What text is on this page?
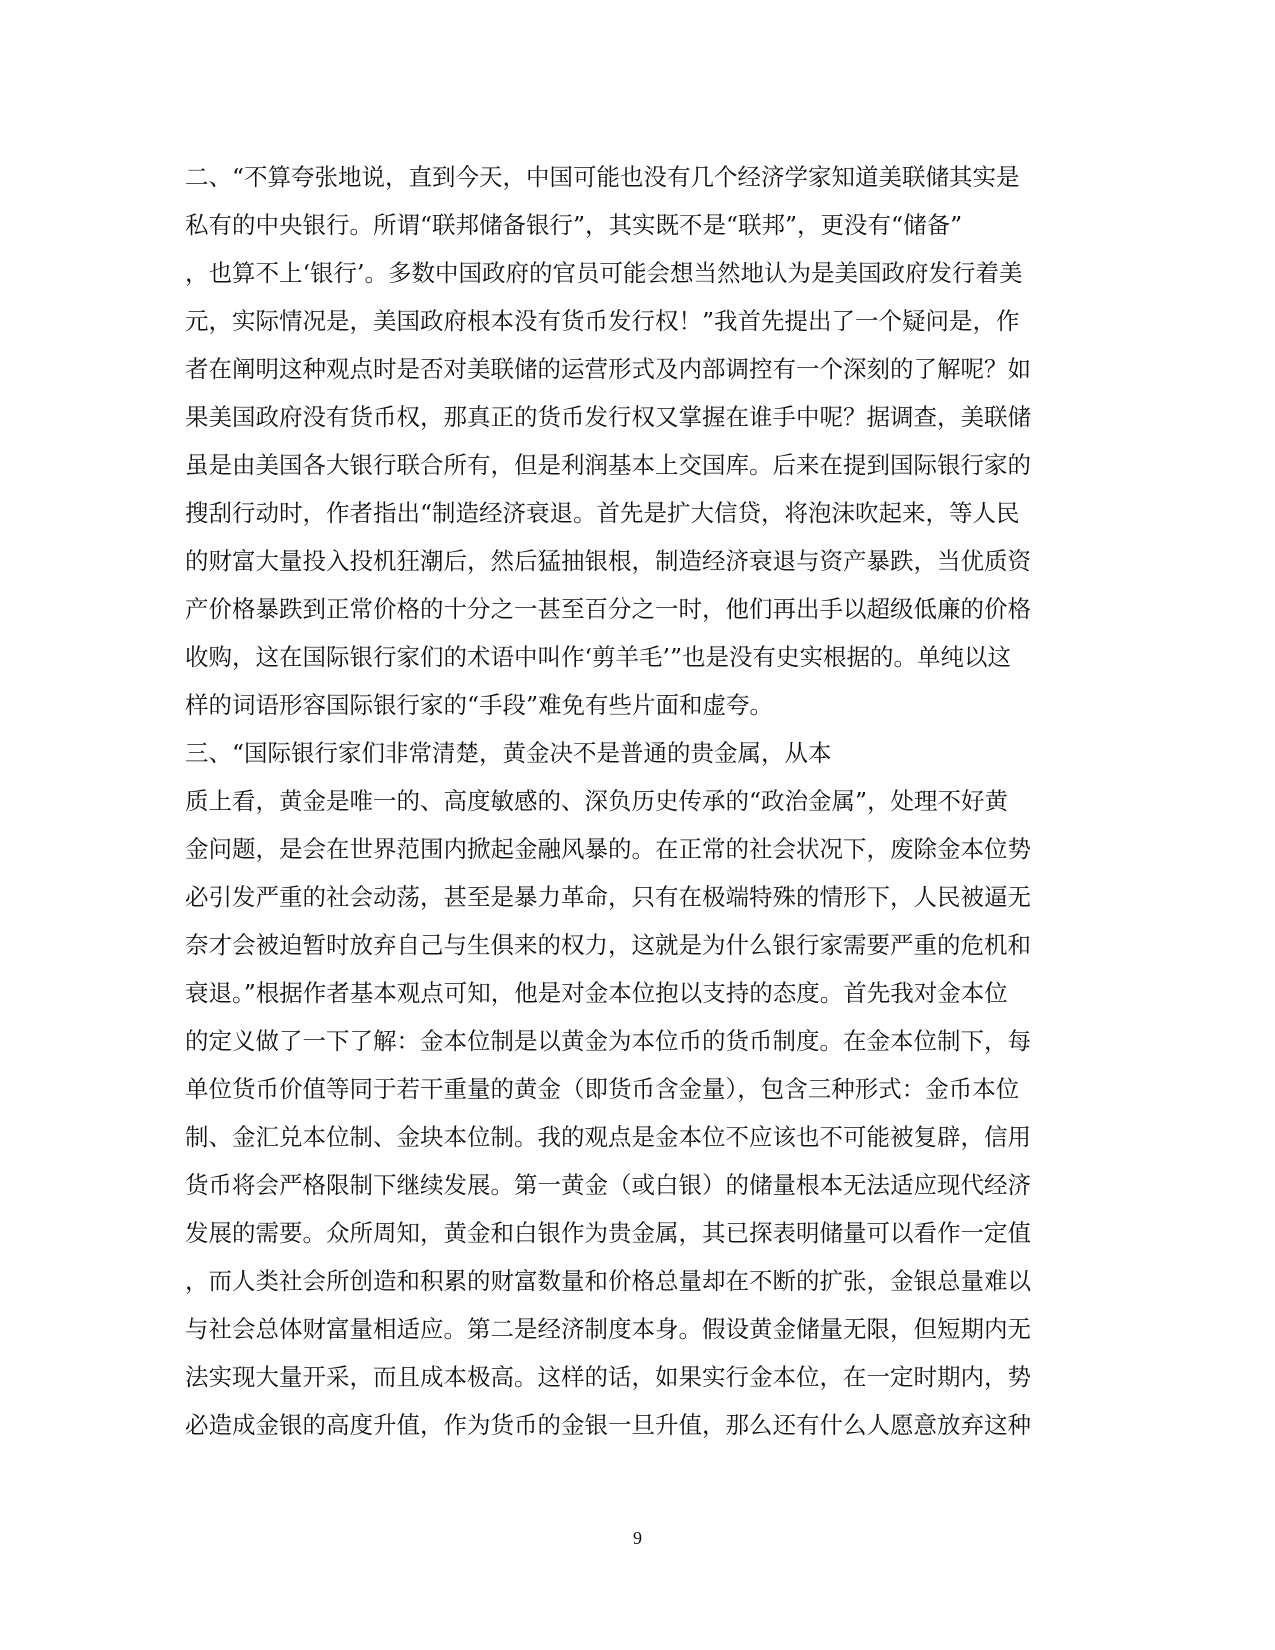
二、“不算夸张地说，直到今天，中国可能也没有几个经济学家知道美联储其实是
私有的中央银行。所谓“联邦储备银行”，其实既不是“联邦”，更没有“储备”
，也算不上‘银行’。多数中国政府的官员可能会想当然地认为是美国政府发行着美
元，实际情况是，美国政府根本没有货币发行权！”我首先提出了一个疑问是，作
者在阐明这种观点时是否对美联储的运营形式及内部调控有一个深刻的了解呢？如
果美国政府没有货币权，那真正的货币发行权又掌握在谁手中呢？据调查，美联储
虽是由美国各大银行联合所有，但是利润基本上交国库。后来在提到国际银行家的
搜刮行动时，作者指出“制造经济衰退。首先是扩大信贷，将泡沫吹起来，等人民
的财富大量投入投机狂潮后，然后猛抽银根，制造经济衰退与资产暴跌，当优质资
产价格暴跌到正常价格的十分之一甚至百分之一时，他们再出手以超级低廉的价格
收购，这在国际银行家们的术语中叫作‘剪羊毛’”也是没有史实根据的。单纯以这
样的词语形容国际银行家的“手段”难免有些片面和虚夸。
三、“国际银行家们非常清楚，黄金决不是普通的贵金属，从本
质上看，黄金是唯一的、高度敏感的、深负历史传承的“政治金属”，处理不好黄
金问题，是会在世界范围内掀起金融风暴的。在正常的社会状况下，废除金本位势
必引发严重的社会动荡，甚至是暴力革命，只有在极端特殊的情形下，人民被逼无
奈才会被迫暂时放弃自己与生俱来的权力，这就是为什么银行家需要严重的危机和
衰退。”根据作者基本观点可知，他是对金本位抱以支持的态度。首先我对金本位
的定义做了一下了解：金本位制是以黄金为本位币的货币制度。在金本位制下，每
单位货币价值等同于若干重量的黄金（即货币含金量），包含三种形式：金币本位
制、金汇兑本位制、金块本位制。我的观点是金本位不应该也不可能被复辟，信用
货币将会严格限制下继续发展。第一黄金（或白银）的储量根本无法适应现代经济
发展的需要。众所周知，黄金和白银作为贵金属，其已探表明储量可以看作一定值
，而人类社会所创造和积累的财富数量和价格总量却在不断的扩张，金银总量难以
与社会总体财富量相适应。第二是经济制度本身。假设黄金储量无限，但短期内无
法实现大量开采，而且成本极高。这样的话，如果实行金本位，在一定时期内，势
必造成金银的高度升值，作为货币的金银一旦升值，那么还有什么人愿意放弃这种
9
